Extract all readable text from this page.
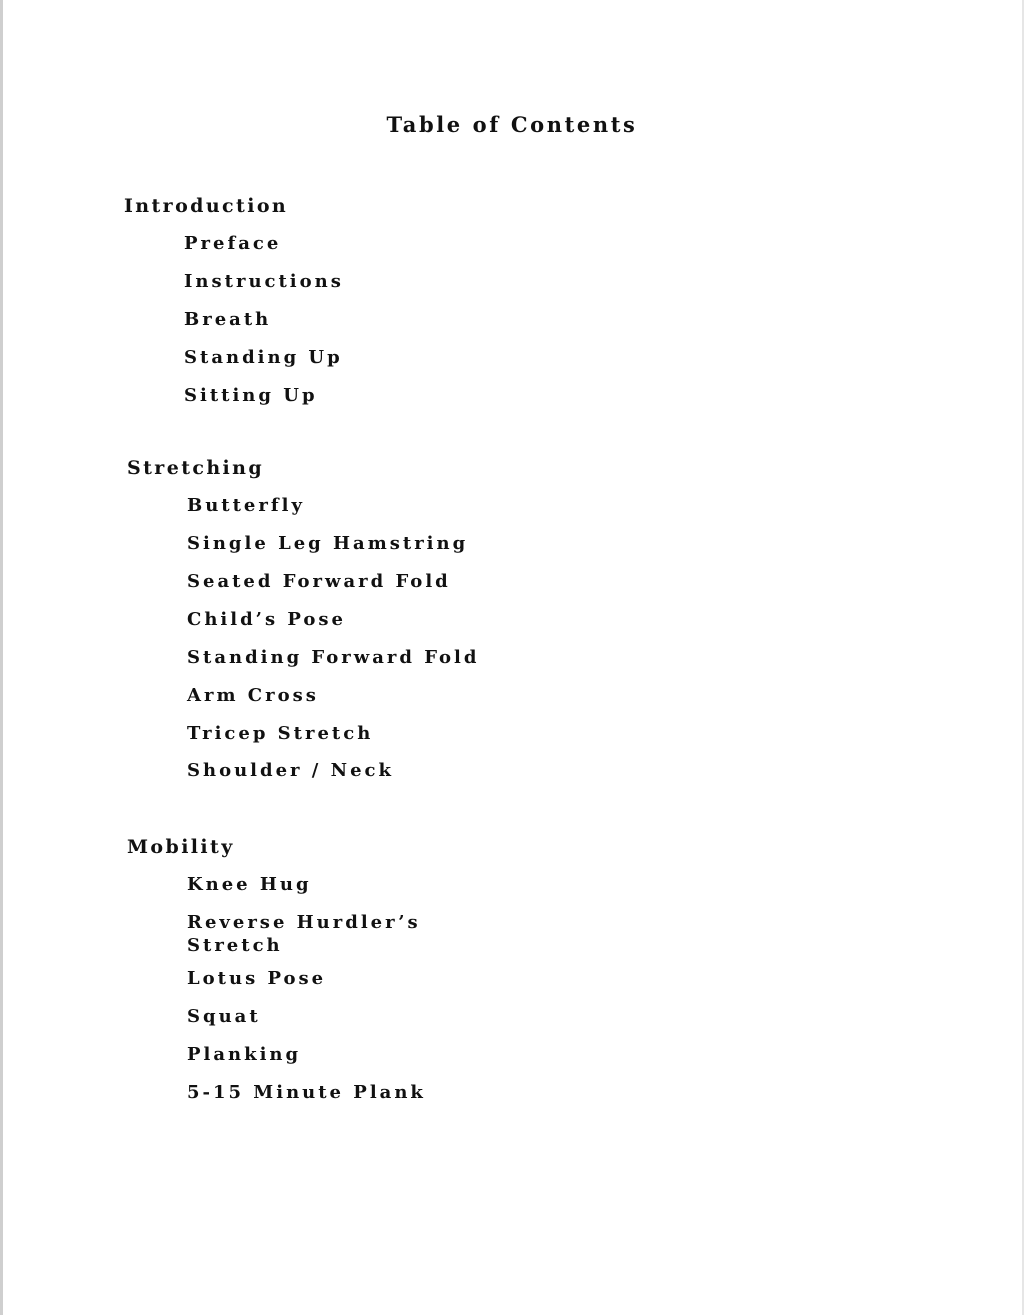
Table of Contents
Introduction
Preface
Instructions
Breath
Standing Up
Sitting Up
Stretching
Butterfly
Single Leg Hamstring
Seated Forward Fold
Child’s Pose
Standing Forward Fold
Arm Cross
Tricep Stretch
Shoulder / Neck
Mobility
Knee Hug
Reverse Hurdler’s Stretch
Lotus Pose
Squat
Planking
5-15 Minute Plank
